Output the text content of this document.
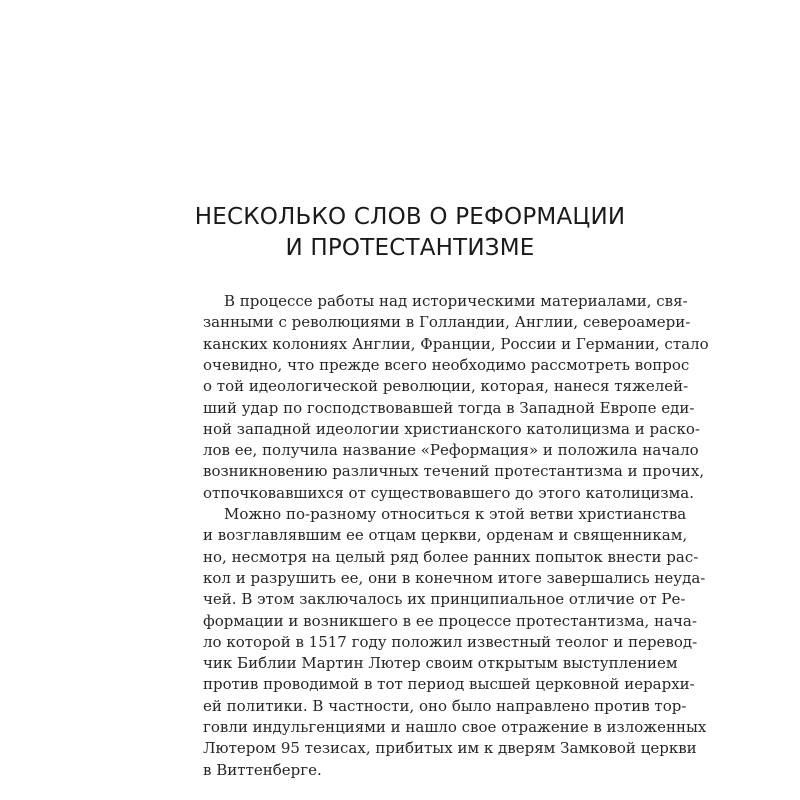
НЕСКОЛЬКО СЛОВ О РЕФОРМАЦИИ
И ПРОТЕСТАНТИЗМЕ
В процессе работы над историческими материалами, свя-
занными с революциями в Голландии, Англии, североамери-
канских колониях Англии, Франции, России и Германии, стало
очевидно, что прежде всего необходимо рассмотреть вопрос
о той идеологической революции, которая, нанеся тяжелей-
ший удар по господствовавшей тогда в Западной Европе еди-
ной западной идеологии христианского католицизма и раско-
лов ее, получила название «Реформация» и положила начало
возникновению различных течений протестантизма и прочих,
отпочковавшихся от существовавшего до этого католицизма.
Можно по-разному относиться к этой ветви христианства
и возглавлявшим ее отцам церкви, орденам и священникам,
но, несмотря на целый ряд более ранних попыток внести рас-
кол и разрушить ее, они в конечном итоге завершались неуда-
чей. В этом заключалось их принципиальное отличие от Ре-
формации и возникшего в ее процессе протестантизма, нача-
ло которой в 1517 году положил известный теолог и перевод-
чик Библии Мартин Лютер своим открытым выступлением
против проводимой в тот период высшей церковной иерархи-
ей политики. В частности, оно было направлено против тор-
говли индульгенциями и нашло свое отражение в изложенных
Лютером 95 тезисах, прибитых им к дверям Замковой церкви
в Виттенберге.
